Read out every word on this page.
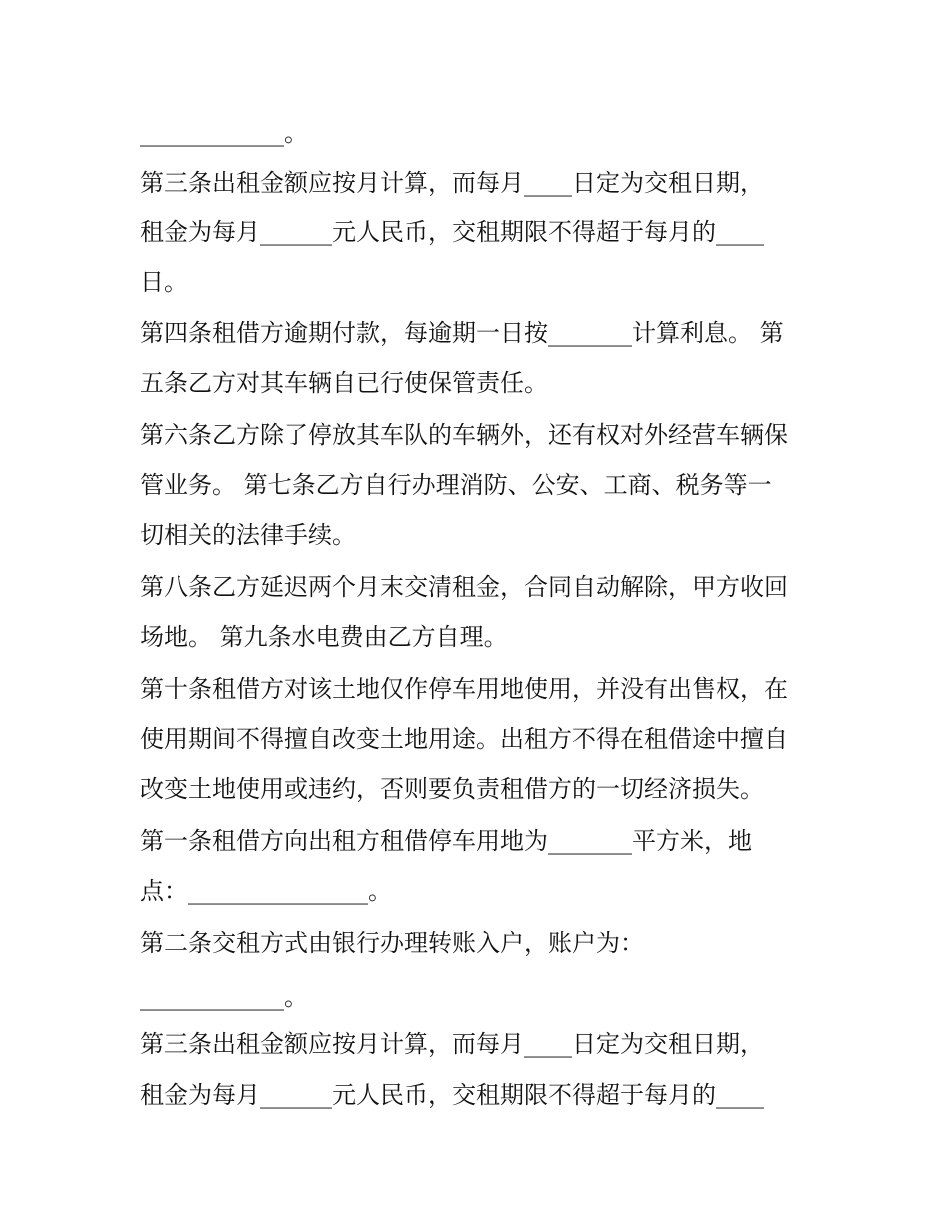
____________。
第三条出租金额应按月计算，而每月____日定为交租日期，
租金为每月______元人民币，交租期限不得超于每月的____
日。
第四条租借方逾期付款，每逾期一日按_______计算利息。 第
五条乙方对其车辆自已行使保管责任。
第六条乙方除了停放其车队的车辆外，还有权对外经营车辆保
管业务。 第七条乙方自行办理消防、公安、工商、税务等一
切相关的法律手续。
第八条乙方延迟两个月末交清租金，合同自动解除，甲方收回
场地。 第九条水电费由乙方自理。
第十条租借方对该土地仅作停车用地使用，并没有出售权，在
使用期间不得擅自改变土地用途。出租方不得在租借途中擅自
改变土地使用或违约，否则要负责租借方的一切经济损失。
第一条租借方向出租方租借停车用地为_______平方米，地
点：_______________。
第二条交租方式由银行办理转账入户，账户为：
____________。
第三条出租金额应按月计算，而每月____日定为交租日期，
租金为每月______元人民币，交租期限不得超于每月的____
